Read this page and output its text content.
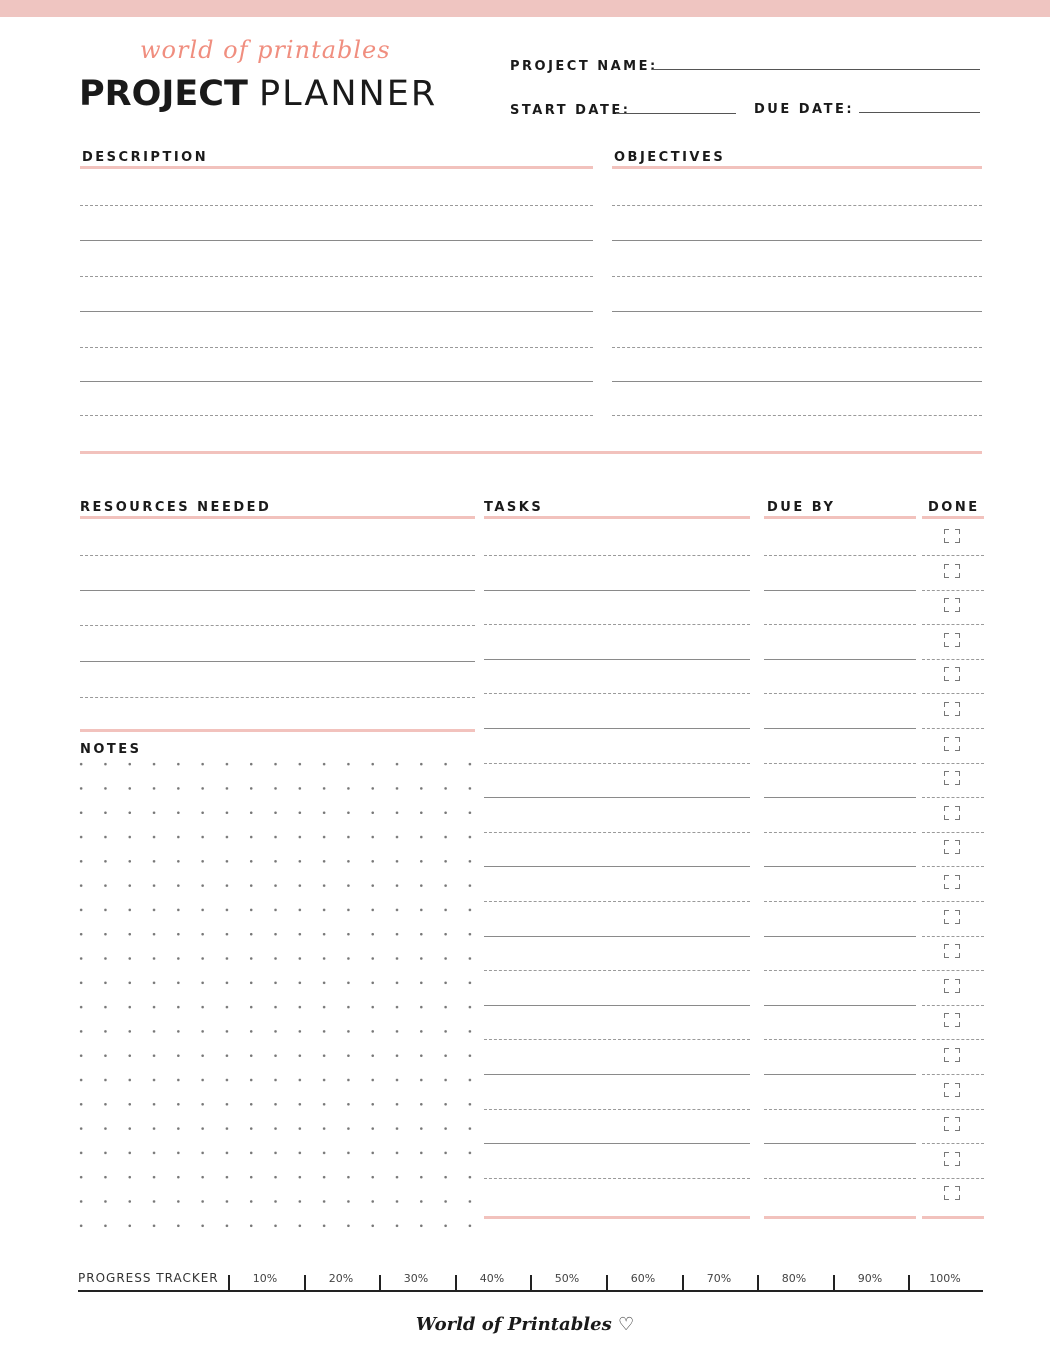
world of printables
PROJECT PLANNER
PROJECT NAME:
START DATE:	DUE DATE:
DESCRIPTION	OBJECTIVES
RESOURCES NEEDED	TASKS	DUE BY	DONE
NOTES
PROGRESS TRACKER	10%	20%	30%	40%	50%	60%	70%	80%	90%	100%
World of Printables ♡
